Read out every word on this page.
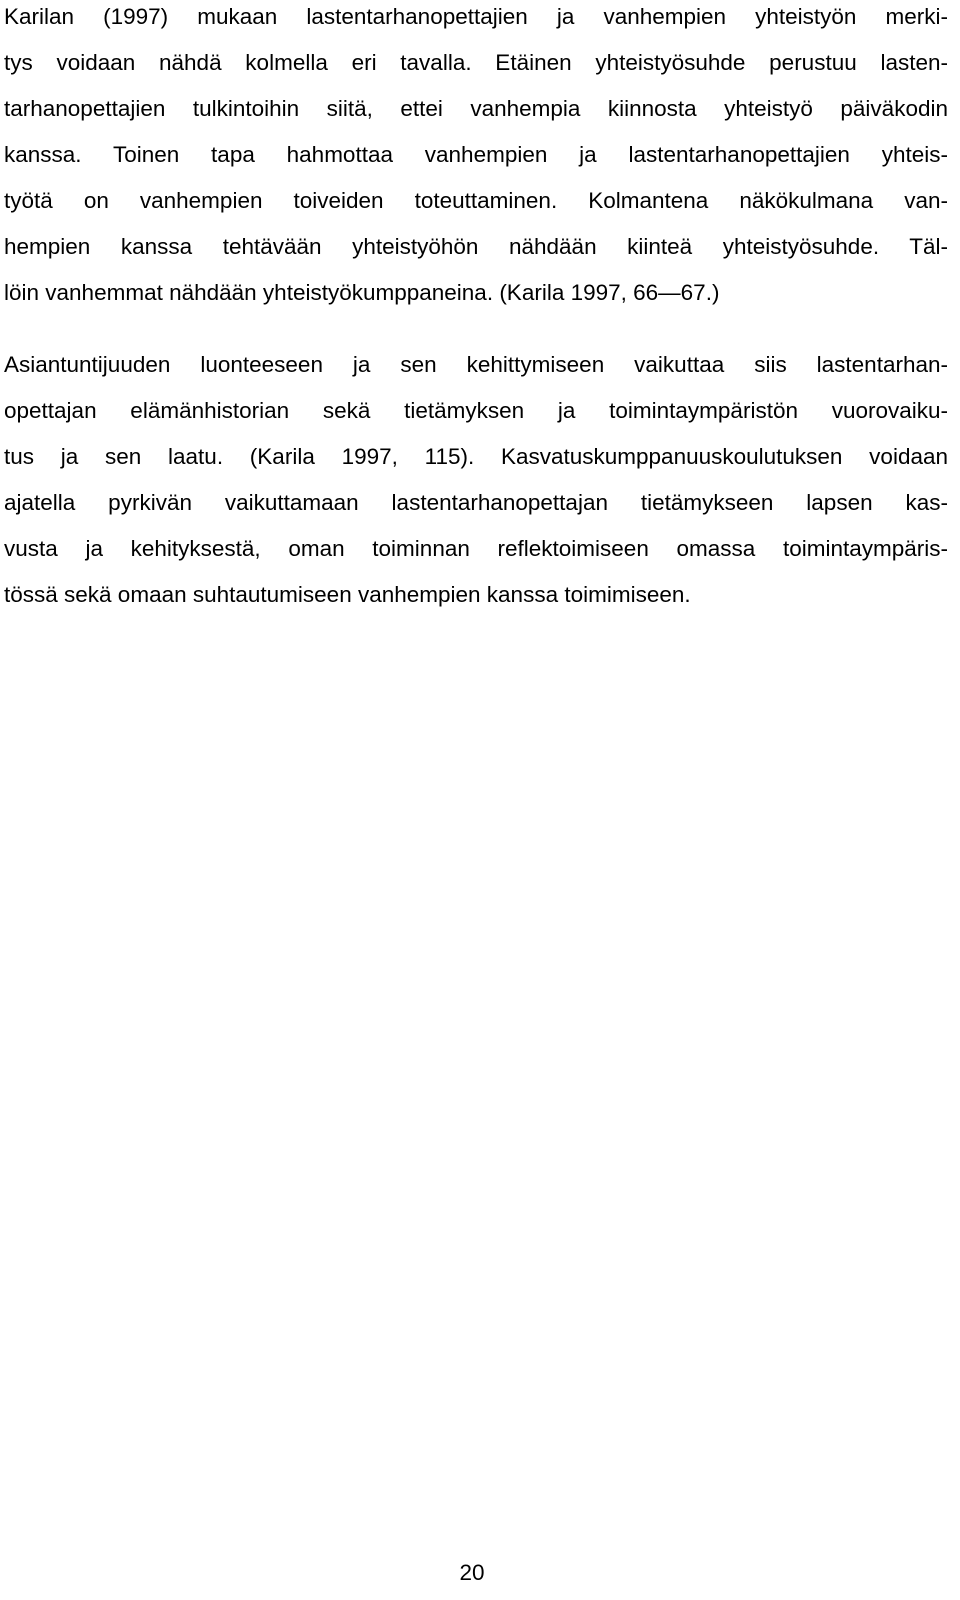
Karilan (1997) mukaan lastentarhanopettajien ja vanhempien yhteistyön merki-
tys voidaan nähdä kolmella eri tavalla. Etäinen yhteistyösuhde perustuu lasten-
tarhanopettajien tulkintoihin siitä, ettei vanhempia kiinnosta yhteistyö päiväkodin
kanssa. Toinen tapa hahmottaa vanhempien ja lastentarhanopettajien yhteis-
työtä on vanhempien toiveiden toteuttaminen. Kolmantena näkökulmana van-
hempien kanssa tehtävään yhteistyöhön nähdään kiinteä yhteistyösuhde. Täl-
löin vanhemmat nähdään yhteistyökumppaneina. (Karila 1997, 66—67.)
Asiantuntijuuden luonteeseen ja sen kehittymiseen vaikuttaa siis lastentarhan-
opettajan elämänhistorian sekä tietämyksen ja toimintaympäristön vuorovaiku-
tus ja sen laatu. (Karila 1997, 115). Kasvatuskumppanuuskoulutuksen voidaan
ajatella pyrkivän vaikuttamaan lastentarhanopettajan tietämykseen lapsen kas-
vusta ja kehityksestä, oman toiminnan reflektoimiseen omassa toimintaympäris-
tössä sekä omaan suhtautumiseen vanhempien kanssa toimimiseen.
20
